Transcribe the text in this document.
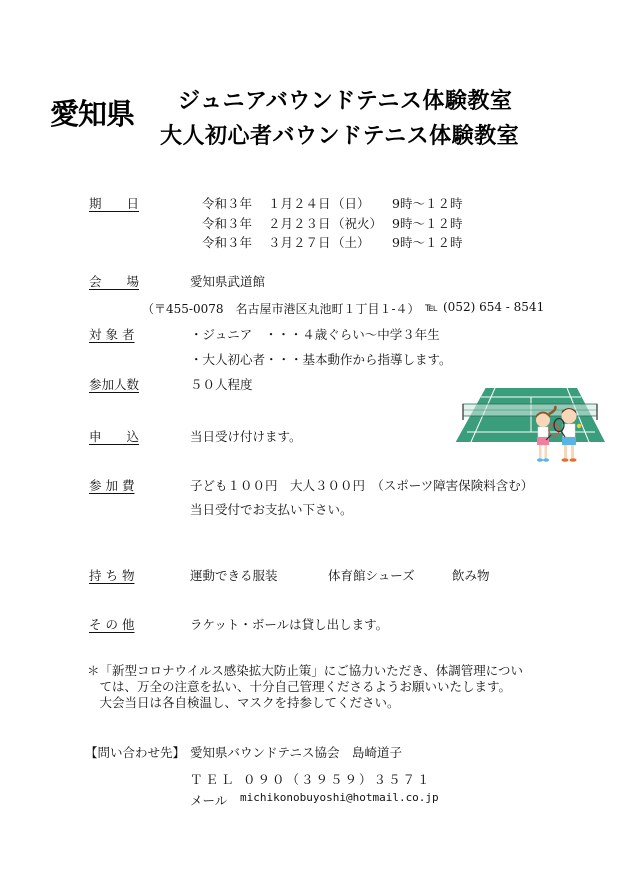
愛知県 ジュニアバウンドテニス体験教室
大人初心者バウンドテニス体験教室
期　　日	令和３年 １月２４日 （日） 9時～１２時
令和３年 ２月２３日 （祝火） 9時～１２時
令和３年 ３月２７日 （土） 9時～１２時
会　　場	愛知県武道館
（〒455-0078　名古屋市港区丸池町１丁目１-４） ℡ (052) 654 - 8541
対 象 者	・ジュニア　・・・４歳ぐらい～中学３年生
・大人初心者・・・基本動作から指導します。
参加人数	５０人程度
申　　込	当日受け付けます。
参 加 費	子ども１００円　大人３００円　（スポーツ障害保険料含む）
当日受付でお支払い下さい。
持 ち 物	運動できる服装	体育館シューズ	飲み物
そ の 他	ラケット・ボールは貸し出します。
＊「新型コロナウイルス感染拡大防止策」にご協力いただき、体調管理につい
　ては、万全の注意を払い、十分自己管理くださるようお願いいたします。
　大会当日は各自検温し、マスクを持参してください。
【問い合わせ先】 愛知県バウンドテニス協会　島崎道子
ＴＥＬ ０９０（３９５９）３５７１
メール michikonobuyoshi@hotmail.co.jp
